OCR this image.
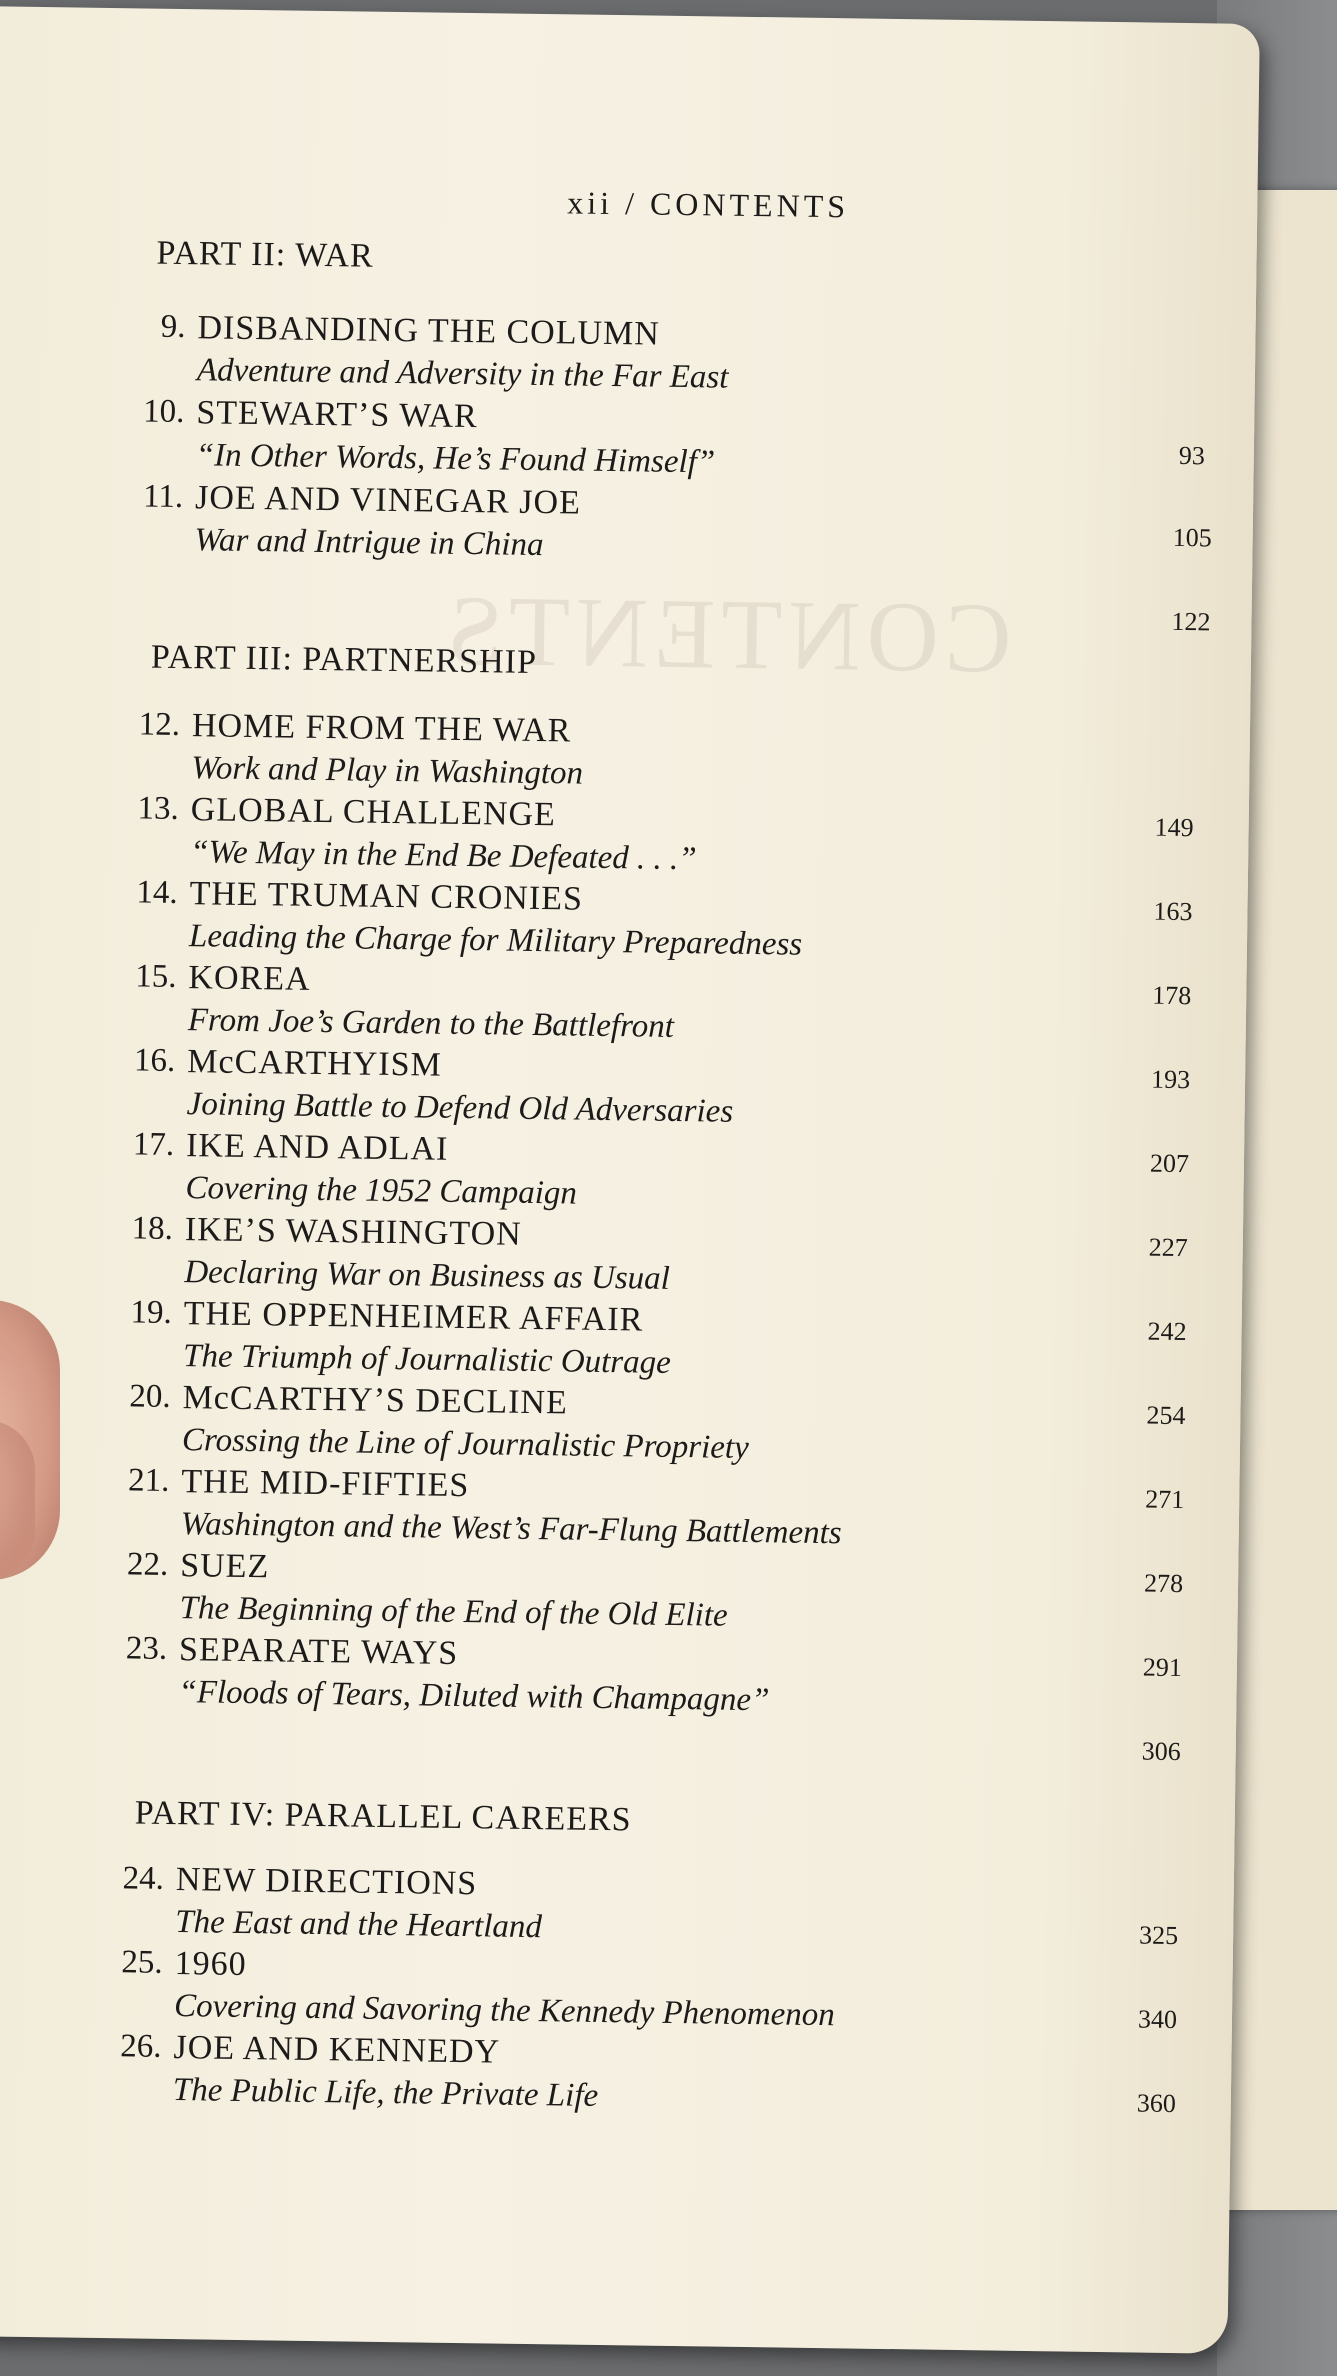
CONTENTS
xii / CONTENTS
PART II: WAR
9. DISBANDING THE COLUMN
Adventure and Adversity in the Far East
10. STEWART’S WAR
“In Other Words, He’s Found Himself”
11. JOE AND VINEGAR JOE
War and Intrigue in China
PART III: PARTNERSHIP
12. HOME FROM THE WAR
Work and Play in Washington
13. GLOBAL CHALLENGE
“We May in the End Be Defeated . . .”
14. THE TRUMAN CRONIES
Leading the Charge for Military Preparedness
15. KOREA
From Joe’s Garden to the Battlefront
16. McCARTHYISM
Joining Battle to Defend Old Adversaries
17. IKE AND ADLAI
Covering the 1952 Campaign
18. IKE’S WASHINGTON
Declaring War on Business as Usual
19. THE OPPENHEIMER AFFAIR
The Triumph of Journalistic Outrage
20. McCARTHY’S DECLINE
Crossing the Line of Journalistic Propriety
21. THE MID-FIFTIES
Washington and the West’s Far-Flung Battlements
22. SUEZ
The Beginning of the End of the Old Elite
23. SEPARATE WAYS
“Floods of Tears, Diluted with Champagne”
PART IV: PARALLEL CAREERS
24. NEW DIRECTIONS
The East and the Heartland
25. 1960
Covering and Savoring the Kennedy Phenomenon
26. JOE AND KENNEDY
The Public Life, the Private Life
93
105
122
149
163
178
193
207
227
242
254
271
278
291
306
325
340
360
